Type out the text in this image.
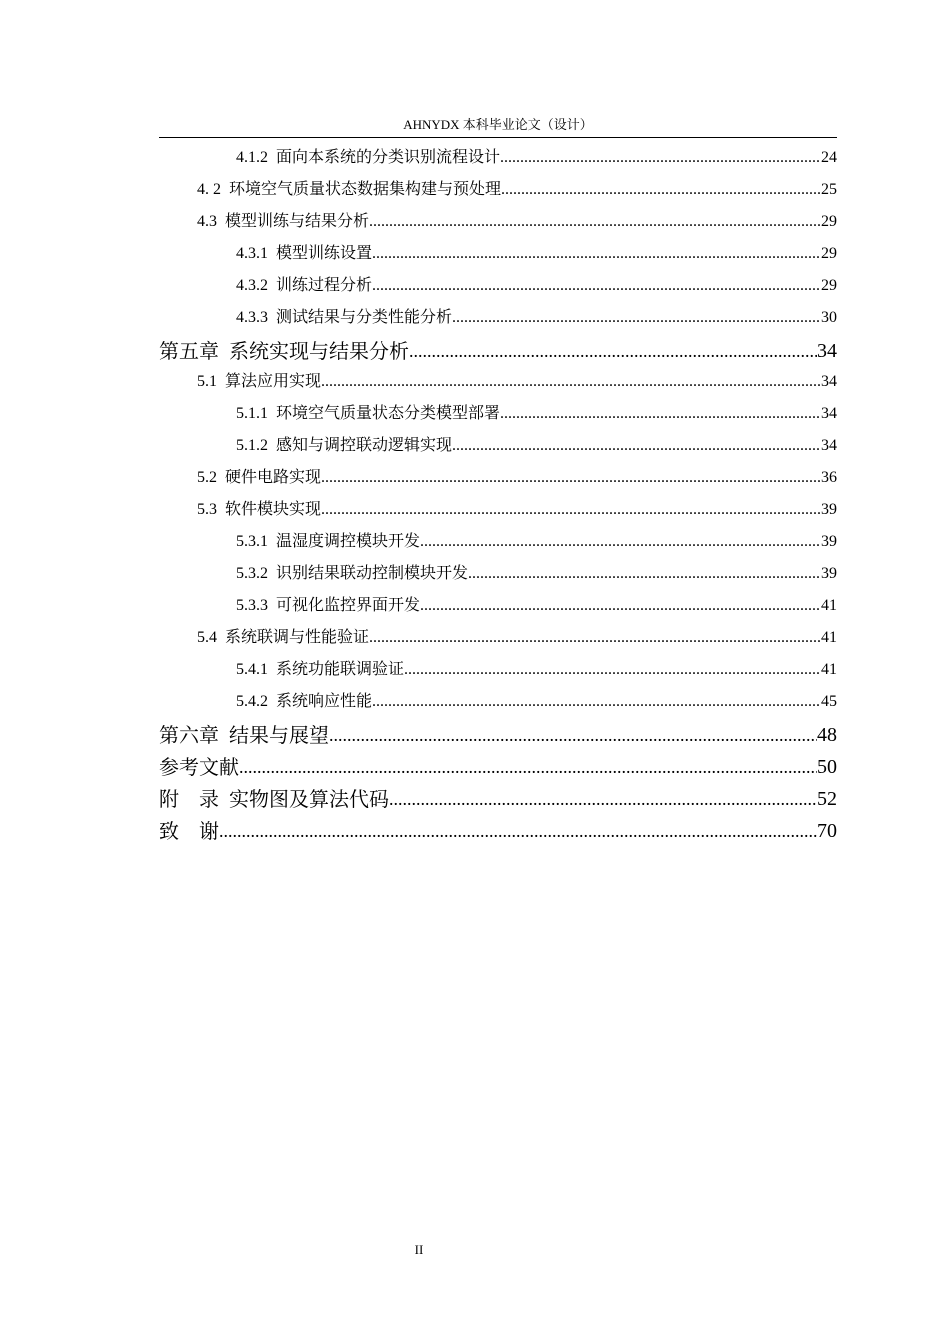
AHNYDX 本科毕业论文（设计）
4.1.2 面向本系统的分类识别流程设计 .....	24
4. 2 环境空气质量状态数据集构建与预处理 .....	25
4.3 模型训练与结果分析 .....	29
4.3.1 模型训练设置 .....	29
4.3.2 训练过程分析 .....	29
4.3.3 测试结果与分类性能分析 .....	30
第五章 系统实现与结果分析 .....	34
5.1 算法应用实现 .....	34
5.1.1 环境空气质量状态分类模型部署 .....	34
5.1.2 感知与调控联动逻辑实现 .....	34
5.2 硬件电路实现 .....	36
5.3 软件模块实现 .....	39
5.3.1 温湿度调控模块开发 .....	39
5.3.2 识别结果联动控制模块开发 .....	39
5.3.3 可视化监控界面开发 .....	41
5.4 系统联调与性能验证 .....	41
5.4.1 系统功能联调验证 .....	41
5.4.2 系统响应性能 .....	45
第六章 结果与展望 .....	48
参考文献 .....	50
附　录 实物图及算法代码 .....	52
致　谢 .....	70
II
